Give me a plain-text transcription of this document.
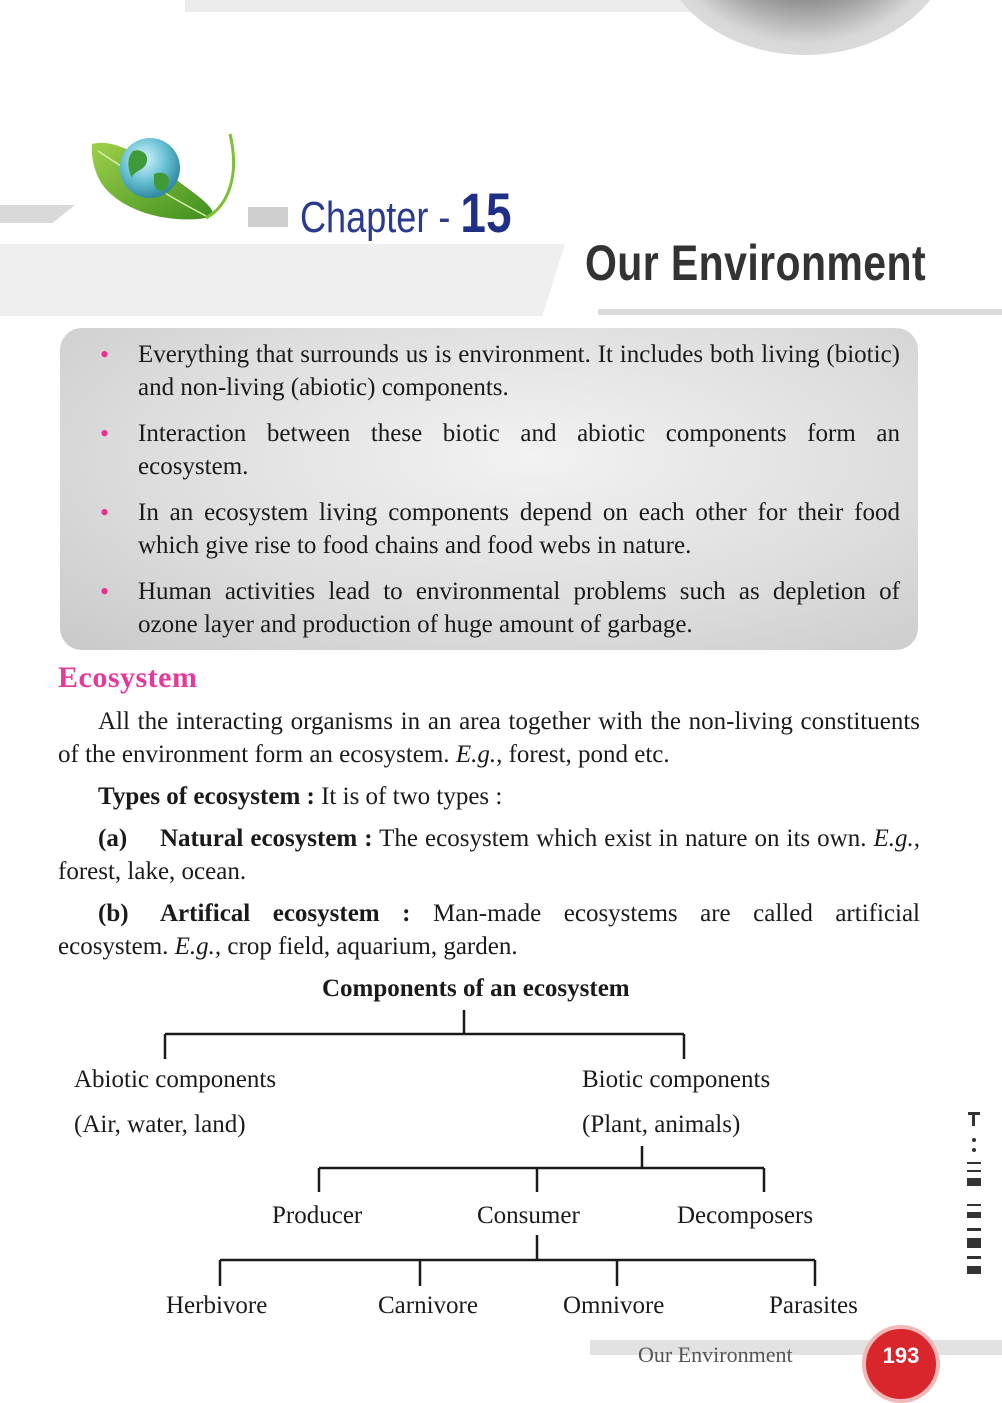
Chapter - 15
Our Environment
• Everything that surrounds us is environment. It includes both living (biotic) and non-living (abiotic) components.
• Interaction between these biotic and abiotic components form an ecosystem.
• In an ecosystem living components depend on each other for their food which give rise to food chains and food webs in nature.
• Human activities lead to environmental problems such as depletion of ozone layer and production of huge amount of garbage.
Ecosystem
All the interacting organisms in an area together with the non-living constituents of the environment form an ecosystem. E.g., forest, pond etc.
Types of ecosystem : It is of two types :
(a) Natural ecosystem : The ecosystem which exist in nature on its own. E.g., forest, lake, ocean.
(b) Artifical ecosystem : Man-made ecosystems are called artificial ecosystem. E.g., crop field, aquarium, garden.
Components of an ecosystem
Abiotic components
(Air, water, land)
Biotic components
(Plant, animals)
Producer	Consumer	Decomposers
Herbivore	Carnivore	Omnivore	Parasites
Our Environment	193
